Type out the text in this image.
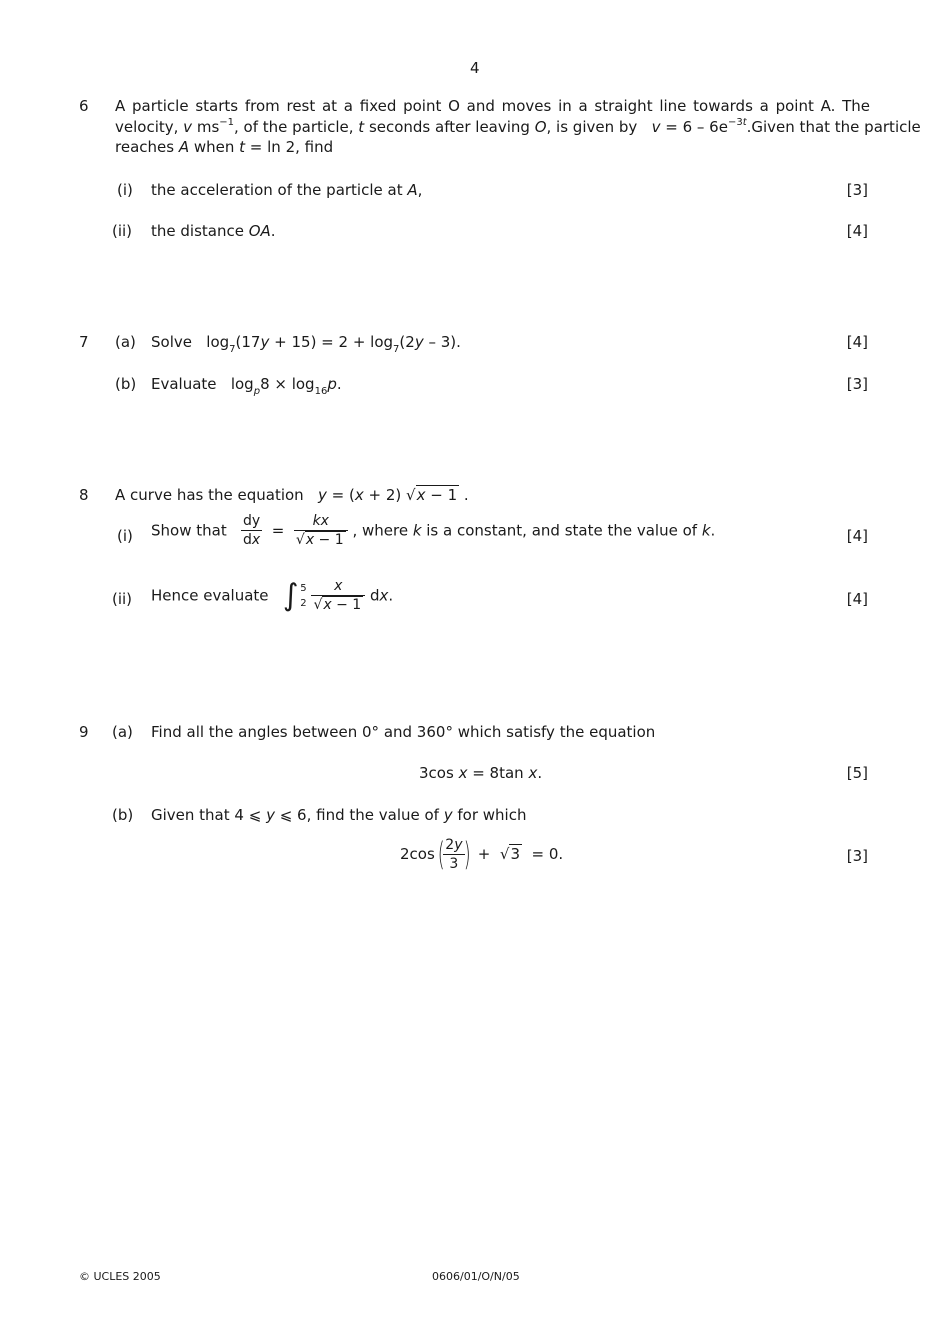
4
6 A particle starts from rest at a fixed point O and moves in a straight line towards a point A. The
velocity, v $ms^{-1}$, of the particle, t seconds after leaving O, is given by   $v = 6 - 6e^{-3t}$. Given that the particle
reaches A when t = ln 2, find
(i) the acceleration of the particle at A,	[3]
(ii) the distance OA.	[4]
7 (a) Solve   $\log_7(17y + 15) = 2 + \log_7(2y - 3)$.	[4]
(b) Evaluate   $\log_p8 \times \log_{16}p$.	[3]
8 A curve has the equation   y = (x + 2) √x − 1 .
(i) Show that $\frac{dy}{dx} = \frac{kx}{√x - 1}$ , where k is a constant, and state the value of k.	[4]
(ii) Hence evaluate   ∫ 5
2
$\frac{x}{√x - 1}$ dx.	[4]
9 (a) Find all the angles between 0° and 360° which satisfy the equation
3cos x = 8tan x.	[5]
(b) Given that 4 ⩽ y ⩽ 6, find the value of y for which
2cos(
$\frac{2y}{3}$
) +  √3  = 0.	[3]
© UCLES 2005	0606/01/O/N/05
